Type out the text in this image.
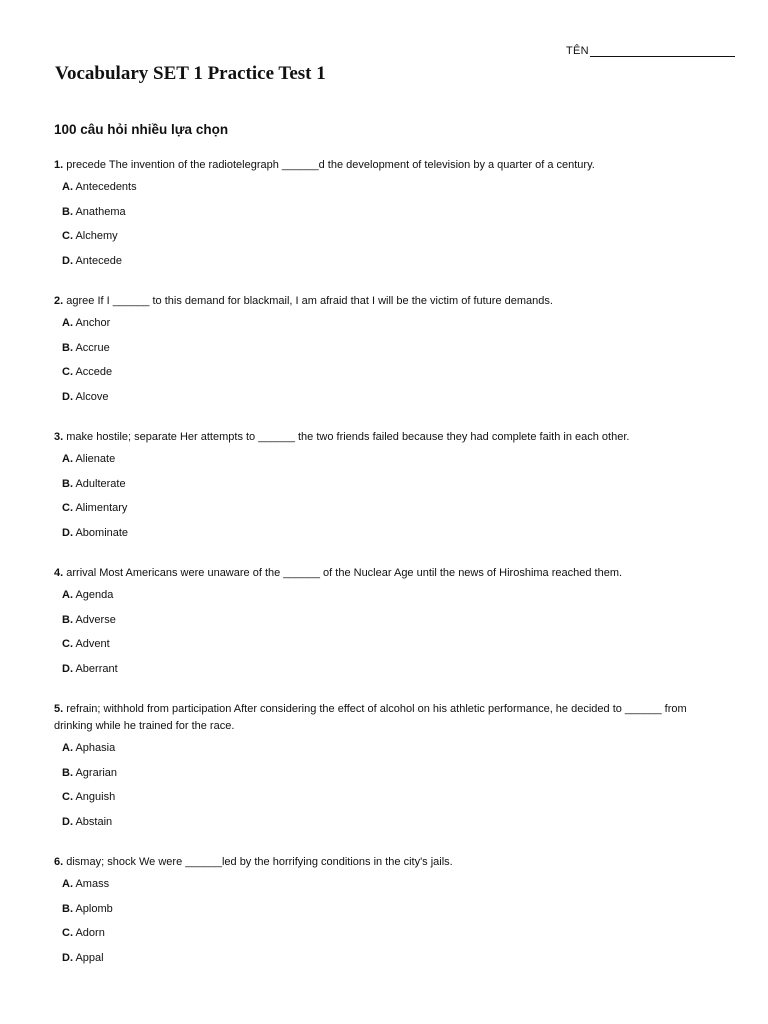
TÊN
Vocabulary SET 1 Practice Test 1
100 câu hỏi nhiều lựa chọn

1. precede The invention of the radiotelegraph ______d the development of television by a quarter of a century.

A. Antecedents
B. Anathema
C. Alchemy
D. Antecede

2. agree If I ______ to this demand for blackmail, I am afraid that I will be the victim of future demands.

A. Anchor
B. Accrue
C. Accede
D. Alcove

3. make hostile; separate Her attempts to ______ the two friends failed because they had complete faith in each other.

A. Alienate
B. Adulterate
C. Alimentary
D. Abominate

4. arrival Most Americans were unaware of the ______ of the Nuclear Age until the news of Hiroshima reached them.

A. Agenda
B. Adverse
C. Advent
D. Aberrant

5. refrain; withhold from participation After considering the effect of alcohol on his athletic performance, he decided to ______ from drinking while he trained for the race.

A. Aphasia
B. Agrarian
C. Anguish
D. Abstain

6. dismay; shock We were ______led by the horrifying conditions in the city's jails.

A. Amass
B. Aplomb
C. Adorn
D. Appal
